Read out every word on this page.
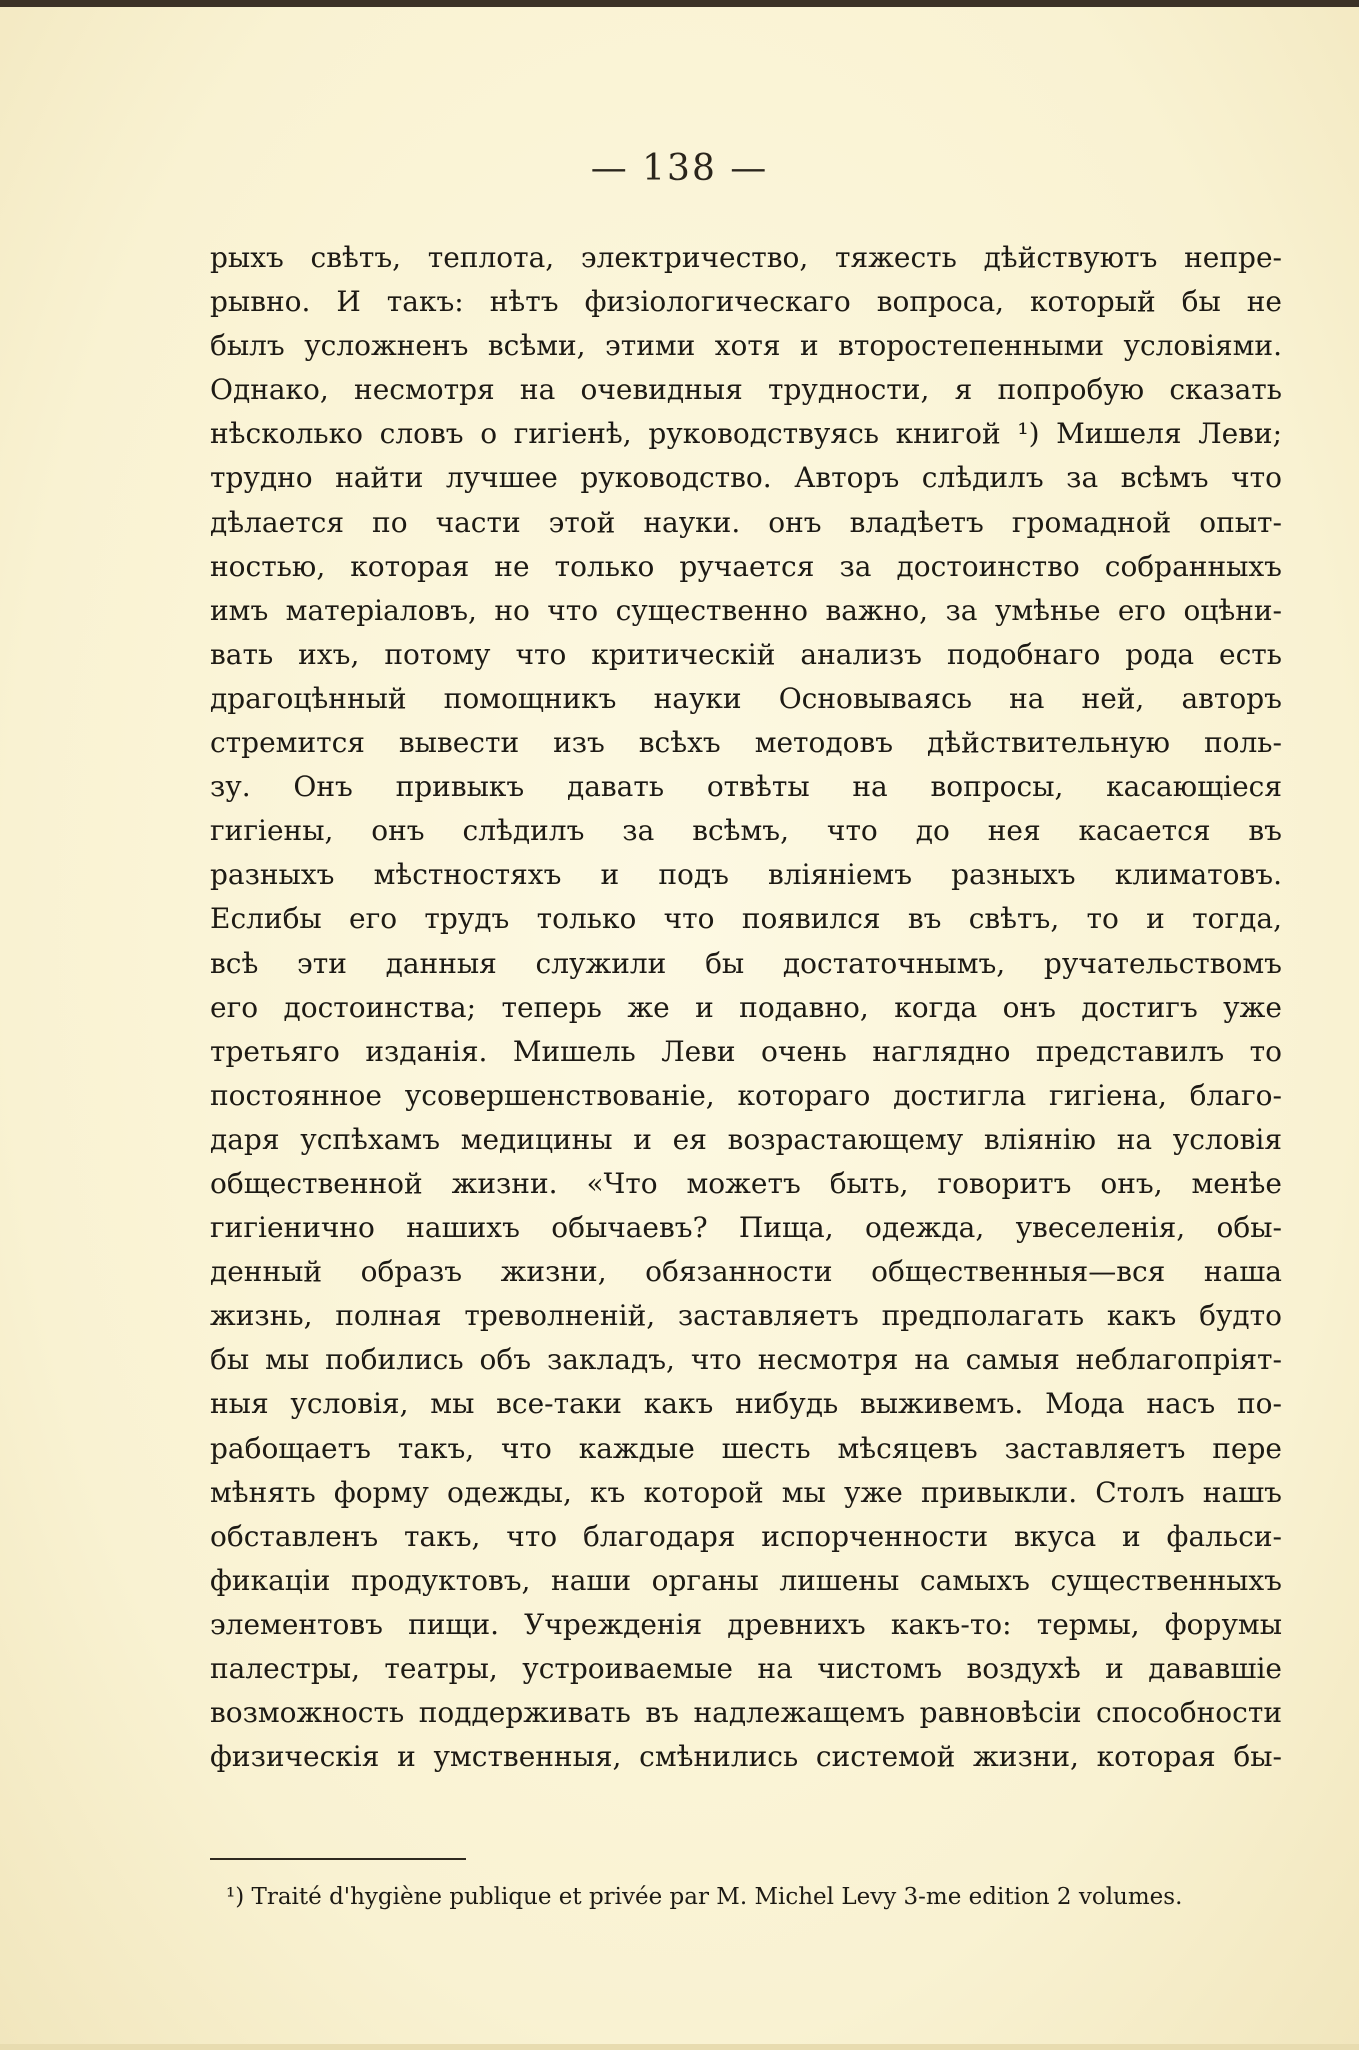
— 138 —
рыхъ свѣтъ, теплота, электричество, тяжесть дѣйствуютъ непре-
рывно. И такъ: нѣтъ физіологическаго вопроса, который бы не
былъ усложненъ всѣми, этими хотя и второстепенными условіями.
Однако, несмотря на очевидныя трудности, я попробую сказать
нѣсколько словъ о гигіенѣ, руководствуясь книгой ¹) Мишеля Леви;
трудно найти лучшее руководство. Авторъ слѣдилъ за всѣмъ что
дѣлается по части этой науки. онъ владѣетъ громадной опыт-
ностью, которая не только ручается за достоинство собранныхъ
имъ матеріаловъ, но что существенно важно, за умѣнье его оцѣни-
вать ихъ, потому что критическій анализъ подобнаго рода есть
драгоцѣнный помощникъ науки Основываясь на ней, авторъ
стремится вывести изъ всѣхъ методовъ дѣйствительную поль-
зу. Онъ привыкъ давать отвѣты на вопросы, касающіеся
гигіены, онъ слѣдилъ за всѣмъ, что до нея касается въ
разныхъ мѣстностяхъ и подъ вліяніемъ разныхъ климатовъ.
Еслибы его трудъ только что появился въ свѣтъ, то и тогда,
всѣ эти данныя служили бы достаточнымъ, ручательствомъ
его достоинства; теперь же и подавно, когда онъ достигъ уже
третьяго изданія. Мишель Леви очень наглядно представилъ то
постоянное усовершенствованіе, котораго достигла гигіена, благо-
даря успѣхамъ медицины и ея возрастающему вліянію на условія
общественной жизни. «Что можетъ быть, говоритъ онъ, менѣе
гигіенично нашихъ обычаевъ? Пища, одежда, увеселенія, обы-
денный образъ жизни, обязанности общественныя—вся наша
жизнь, полная треволненій, заставляетъ предполагать какъ будто
бы мы побились объ закладъ, что несмотря на самыя неблагопріят-
ныя условія, мы все-таки какъ нибудь выживемъ. Мода насъ по-
рабощаетъ такъ, что каждые шесть мѣсяцевъ заставляетъ пере
мѣнять форму одежды, къ которой мы уже привыкли. Столъ нашъ
обставленъ такъ, что благодаря испорченности вкуса и фальси-
фикаціи продуктовъ, наши органы лишены самыхъ существенныхъ
элементовъ пищи. Учрежденія древнихъ какъ-то: термы, форумы
палестры, театры, устроиваемые на чистомъ воздухѣ и дававшіе
возможность поддерживать въ надлежащемъ равновѣсіи способности
физическія и умственныя, смѣнились системой жизни, которая бы-
¹) Traité d'hygiène publique et privée par M. Michel Levy 3-me edition 2 volumes.
